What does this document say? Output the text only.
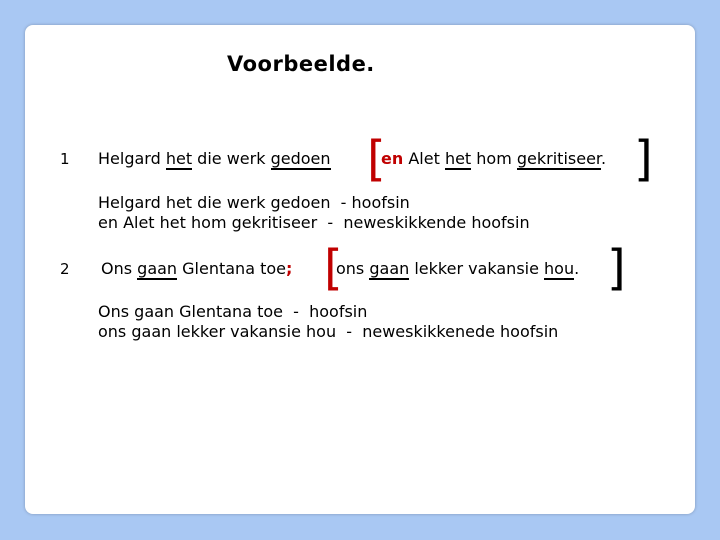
Voorbeelde.
1 Helgard het die werk gedoen [
en Alet het hom gekritiseer. ]
Helgard het die werk gedoen  - hoofsin
en Alet het hom gekritiseer  -  neweskikkende hoofsin
2 Ons gaan Glentana toe; [
ons gaan lekker vakansie hou. ]
Ons gaan Glentana toe  -  hoofsin
ons gaan lekker vakansie hou  -  neweskikkenede hoofsin
